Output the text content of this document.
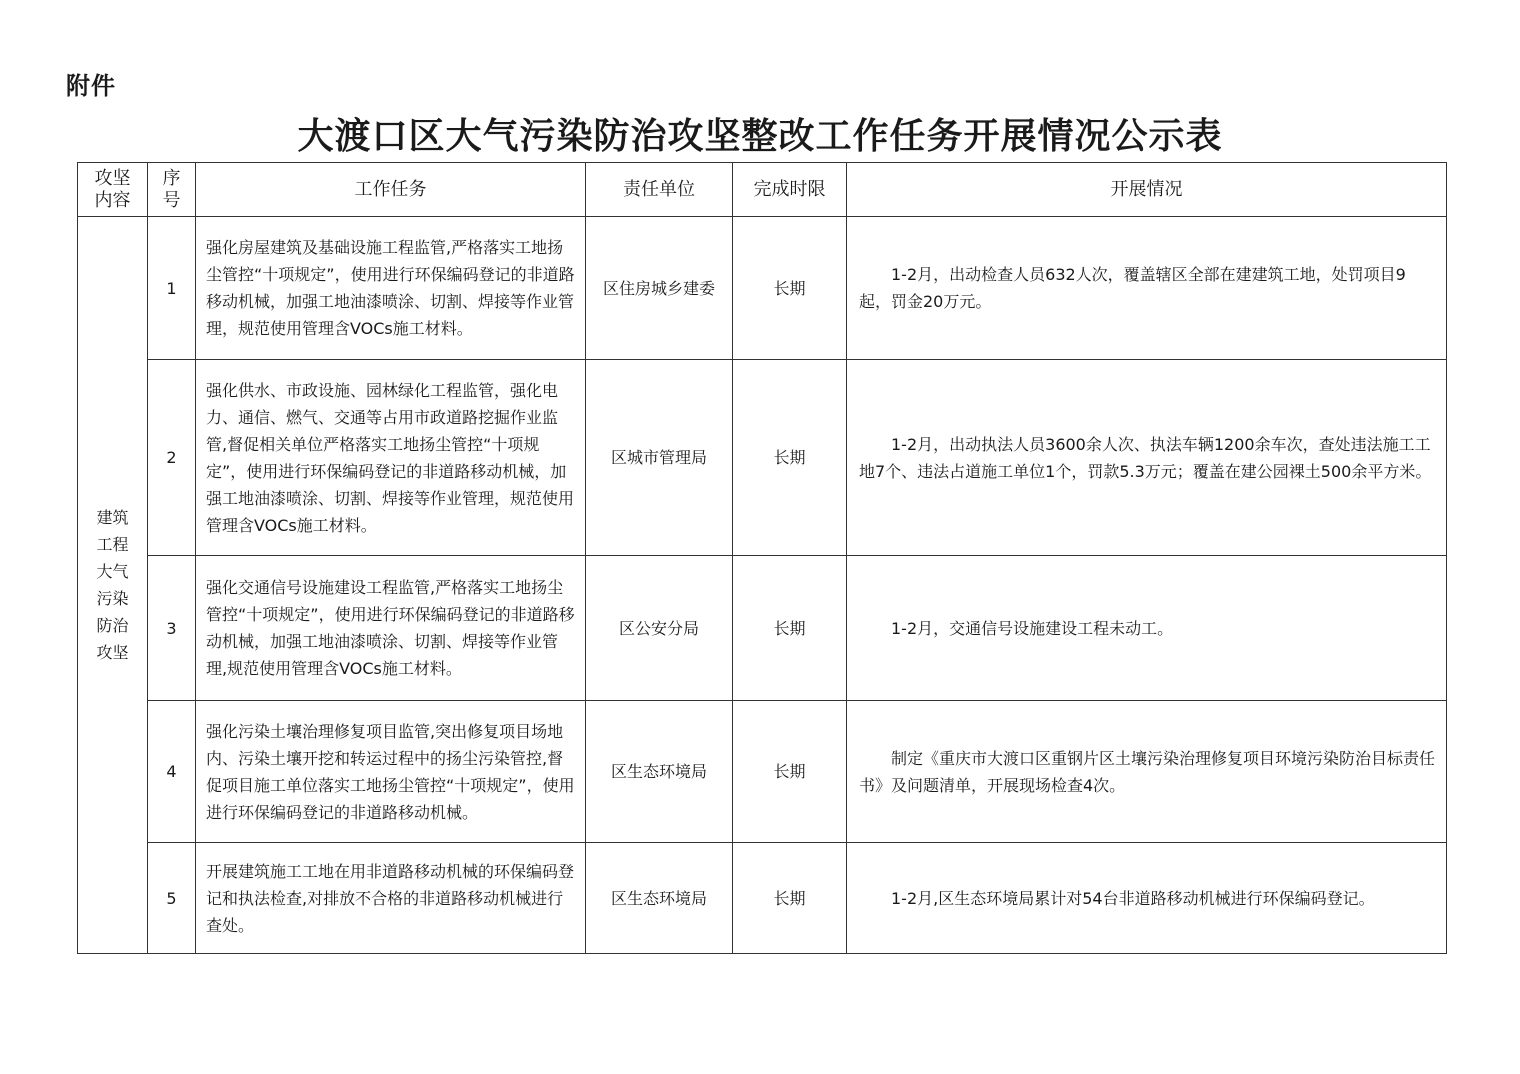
附件
大渡口区大气污染防治攻坚整改工作任务开展情况公示表
攻坚内容	序号	工作任务	责任单位	完成时限	开展情况

建筑工程大气污染防治攻坚	1	强化房屋建筑及基础设施工程监管,严格落实工地扬尘管控“十项规定”，使用进行环保编码登记的非道路移动机械，加强工地油漆喷涂、切割、焊接等作业管理，规范使用管理含VOCs施工材料。	区住房城乡建委	长期	1-2月，出动检查人员632人次，覆盖辖区全部在建建筑工地，处罚项目9起，罚金20万元。

	2	强化供水、市政设施、园林绿化工程监管，强化电力、通信、燃气、交通等占用市政道路挖掘作业监管,督促相关单位严格落实工地扬尘管控“十项规定”，使用进行环保编码登记的非道路移动机械，加强工地油漆喷涂、切割、焊接等作业管理，规范使用管理含VOCs施工材料。	区城市管理局	长期	1-2月，出动执法人员3600余人次、执法车辆1200余车次，查处违法施工工地7个、违法占道施工单位1个，罚款5.3万元；覆盖在建公园裸土500余平方米。

	3	强化交通信号设施建设工程监管,严格落实工地扬尘管控“十项规定”，使用进行环保编码登记的非道路移动机械，加强工地油漆喷涂、切割、焊接等作业管理,规范使用管理含VOCs施工材料。	区公安分局	长期	1-2月，交通信号设施建设工程未动工。

	4	强化污染土壤治理修复项目监管,突出修复项目场地内、污染土壤开挖和转运过程中的扬尘污染管控,督促项目施工单位落实工地扬尘管控“十项规定”，使用进行环保编码登记的非道路移动机械。	区生态环境局	长期	制定《重庆市大渡口区重钢片区土壤污染治理修复项目环境污染防治目标责任书》及问题清单，开展现场检查4次。

	5	开展建筑施工工地在用非道路移动机械的环保编码登记和执法检查,对排放不合格的非道路移动机械进行查处。	区生态环境局	长期	1-2月,区生态环境局累计对54台非道路移动机械进行环保编码登记。
